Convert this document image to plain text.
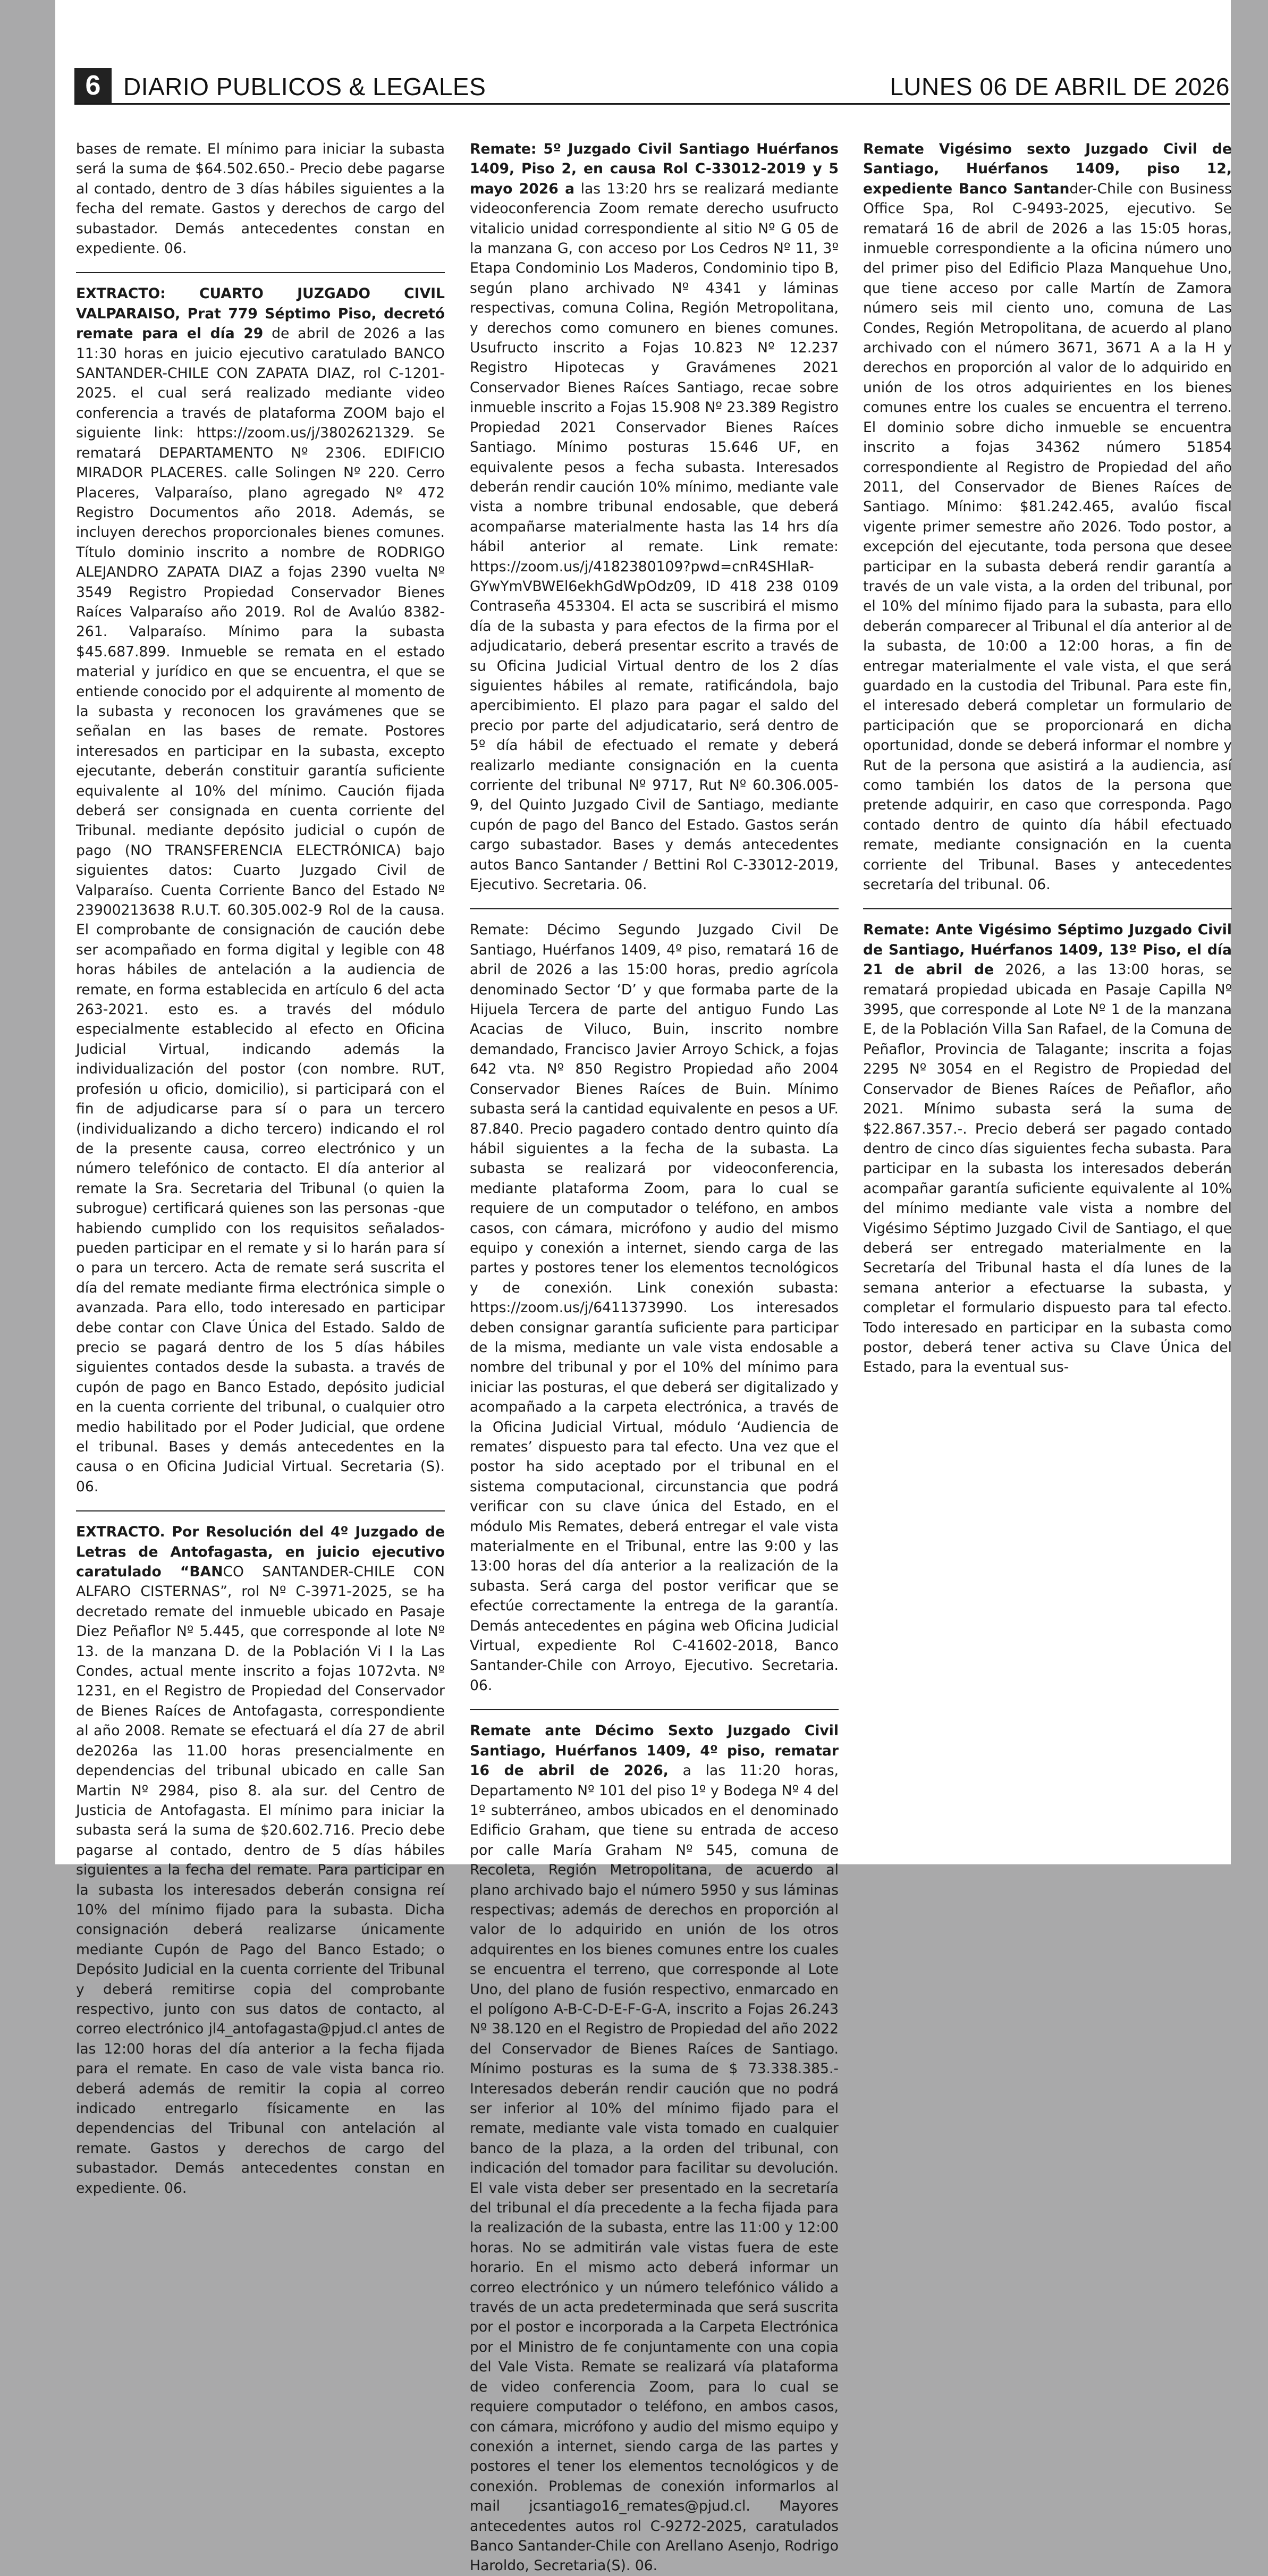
6 DIARIO PUBLICOS & LEGALES	LUNES 06 DE ABRIL DE 2026

bases de remate. El mínimo para iniciar la subasta será la suma de $64.502.650.- Precio debe pagarse al contado, dentro de 3 días hábiles siguientes a la fecha del remate. Gastos y derechos de cargo del subastador. Demás antecedentes constan en expediente. 06.

EXTRACTO: CUARTO JUZGADO CIVIL VALPARAISO, Prat 779 Séptimo Piso, decretó remate para el día 29 de abril de 2026 a las 11:30 horas en juicio ejecutivo caratulado BANCO SANTANDER-CHILE CON ZAPATA DIAZ, rol C-1201-2025. el cual será realizado mediante video conferencia a través de plataforma ZOOM bajo el siguiente link: https://zoom.us/j/3802621329. Se rematará DEPARTAMENTO Nº 2306. EDIFICIO MIRADOR PLACERES. calle Solingen Nº 220. Cerro Placeres, Valparaíso, plano agregado Nº 472 Registro Documentos año 2018. Además, se incluyen derechos proporcionales bienes comunes. Título dominio inscrito a nombre de RODRIGO ALEJANDRO ZAPATA DIAZ a fojas 2390 vuelta Nº 3549 Registro Propiedad Conservador Bienes Raíces Valparaíso año 2019. Rol de Avalúo 8382-261. Valparaíso. Mínimo para la subasta $45.687.899. Inmueble se remata en el estado material y jurídico en que se encuentra, el que se entiende conocido por el adquirente al momento de la subasta y reconocen los gravámenes que se señalan en las bases de remate. Postores interesados en participar en la subasta, excepto ejecutante, deberán constituir garantía suficiente equivalente al 10% del mínimo. Caución fijada deberá ser consignada en cuenta corriente del Tribunal. mediante depósito judicial o cupón de pago (NO TRANSFERENCIA ELECTRÓNICA) bajo siguientes datos: Cuarto Juzgado Civil de Valparaíso. Cuenta Corriente Banco del Estado Nº 23900213638 R.U.T. 60.305.002-9 Rol de la causa. El comprobante de consignación de caución debe ser acompañado en forma digital y legible con 48 horas hábiles de antelación a la audiencia de remate, en forma establecida en artículo 6 del acta 263-2021. esto es. a través del módulo especialmente establecido al efecto en Oficina Judicial Virtual, indicando además la individualización del postor (con nombre. RUT, profesión u oficio, domicilio), si participará con el fin de adjudicarse para sí o para un tercero (individualizando a dicho tercero) indicando el rol de la presente causa, correo electrónico y un número telefónico de contacto. El día anterior al remate la Sra. Secretaria del Tribunal (o quien la subrogue) certificará quienes son las personas -que habiendo cumplido con los requisitos señalados-pueden participar en el remate y si lo harán para sí o para un tercero. Acta de remate será suscrita el día del remate mediante firma electrónica simple o avanzada. Para ello, todo interesado en participar debe contar con Clave Única del Estado. Saldo de precio se pagará dentro de los 5 días hábiles siguientes contados desde la subasta. a través de cupón de pago en Banco Estado, depósito judicial en la cuenta corriente del tribunal, o cualquier otro medio habilitado por el Poder Judicial, que ordene el tribunal. Bases y demás antecedentes en la causa o en Oficina Judicial Virtual. Secretaria (S). 06.

EXTRACTO. Por Resolución del 4º Juzgado de Letras de Antofagasta, en juicio ejecutivo caratulado “BANCO SANTANDER-CHILE CON ALFARO CISTERNAS”, rol Nº C-3971-2025, se ha decretado remate del inmueble ubicado en Pasaje Diez Peñaflor Nº 5.445, que corresponde al lote Nº 13. de la manzana D. de la Población Vi I la Las Condes, actual mente inscrito a fojas 1072vta. Nº 1231, en el Registro de Propiedad del Conservador de Bienes Raíces de Antofagasta, correspondiente al año 2008. Remate se efectuará el día 27 de abril de2026a las 11.00 horas presencialmente en dependencias del tribunal ubicado en calle San Martin Nº 2984, piso 8. ala sur. del Centro de Justicia de Antofagasta. El mínimo para iniciar la subasta será la suma de $20.602.716. Precio debe pagarse al contado, dentro de 5 días hábiles siguientes a la fecha del remate. Para participar en la subasta los interesados deberán consigna reí 10% del mínimo fijado para la subasta. Dicha consignación deberá realizarse únicamente mediante Cupón de Pago del Banco Estado; o Depósito Judicial en la cuenta corriente del Tribunal y deberá remitirse copia del comprobante respectivo, junto con sus datos de contacto, al correo electrónico jl4_antofagasta@pjud.cl antes de las 12:00 horas del día anterior a la fecha fijada para el remate. En caso de vale vista banca rio. deberá además de remitir la copia al correo indicado entregarlo físicamente en las dependencias del Tribunal con antelación al remate. Gastos y derechos de cargo del subastador. Demás antecedentes constan en expediente. 06.

Remate: 5º Juzgado Civil Santiago Huérfanos 1409, Piso 2, en causa Rol C-33012-2019 y 5 mayo 2026 a las 13:20 hrs se realizará mediante videoconferencia Zoom remate derecho usufructo vitalicio unidad correspondiente al sitio Nº G 05 de la manzana G, con acceso por Los Cedros Nº 11, 3º Etapa Condominio Los Maderos, Condominio tipo B, según plano archivado Nº 4341 y láminas respectivas, comuna Colina, Región Metropolitana, y derechos como comunero en bienes comunes. Usufructo inscrito a Fojas 10.823 Nº 12.237 Registro Hipotecas y Gravámenes 2021 Conservador Bienes Raíces Santiago, recae sobre inmueble inscrito a Fojas 15.908 Nº 23.389 Registro Propiedad 2021 Conservador Bienes Raíces Santiago. Mínimo posturas 15.646 UF, en equivalente pesos a fecha subasta. Interesados deberán rendir caución 10% mínimo, mediante vale vista a nombre tribunal endosable, que deberá acompañarse materialmente hasta las 14 hrs día hábil anterior al remate. Link remate: https://zoom.us/j/4182380109?pwd=cnR4SHlaR-GYwYmVBWEl6ekhGdWpOdz09, ID 418 238 0109 Contraseña 453304. El acta se suscribirá el mismo día de la subasta y para efectos de la firma por el adjudicatario, deberá presentar escrito a través de su Oficina Judicial Virtual dentro de los 2 días siguientes hábiles al remate, ratificándola, bajo apercibimiento. El plazo para pagar el saldo del precio por parte del adjudicatario, será dentro de 5º día hábil de efectuado el remate y deberá realizarlo mediante consignación en la cuenta corriente del tribunal Nº 9717, Rut Nº 60.306.005-9, del Quinto Juzgado Civil de Santiago, mediante cupón de pago del Banco del Estado. Gastos serán cargo subastador. Bases y demás antecedentes autos Banco Santander / Bettini Rol C-33012-2019, Ejecutivo. Secretaria. 06.

Remate: Décimo Segundo Juzgado Civil De Santiago, Huérfanos 1409, 4º piso, rematará 16 de abril de 2026 a las 15:00 horas, predio agrícola denominado Sector ‘D’ y que formaba parte de la Hijuela Tercera de parte del antiguo Fundo Las Acacias de Viluco, Buin, inscrito nombre demandado, Francisco Javier Arroyo Schick, a fojas 642 vta. Nº 850 Registro Propiedad año 2004 Conservador Bienes Raíces de Buin. Mínimo subasta será la cantidad equivalente en pesos a UF. 87.840. Precio pagadero contado dentro quinto día hábil siguientes a la fecha de la subasta. La subasta se realizará por videoconferencia, mediante plataforma Zoom, para lo cual se requiere de un computador o teléfono, en ambos casos, con cámara, micrófono y audio del mismo equipo y conexión a internet, siendo carga de las partes y postores tener los elementos tecnológicos y de conexión. Link conexión subasta: https://zoom.us/j/6411373990. Los interesados deben consignar garantía suficiente para participar de la misma, mediante un vale vista endosable a nombre del tribunal y por el 10% del mínimo para iniciar las posturas, el que deberá ser digitalizado y acompañado a la carpeta electrónica, a través de la Oficina Judicial Virtual, módulo ‘Audiencia de remates’ dispuesto para tal efecto. Una vez que el postor ha sido aceptado por el tribunal en el sistema computacional, circunstancia que podrá verificar con su clave única del Estado, en el módulo Mis Remates, deberá entregar el vale vista materialmente en el Tribunal, entre las 9:00 y las 13:00 horas del día anterior a la realización de la subasta. Será carga del postor verificar que se efectúe correctamente la entrega de la garantía. Demás antecedentes en página web Oficina Judicial Virtual, expediente Rol C-41602-2018, Banco Santander-Chile con Arroyo, Ejecutivo. Secretaria. 06.

Remate ante Décimo Sexto Juzgado Civil Santiago, Huérfanos 1409, 4º piso, rematar 16 de abril de 2026, a las 11:20 horas, Departamento Nº 101 del piso 1º y Bodega Nº 4 del 1º subterráneo, ambos ubicados en el denominado Edificio Graham, que tiene su entrada de acceso por calle María Graham Nº 545, comuna de Recoleta, Región Metropolitana, de acuerdo al plano archivado bajo el número 5950 y sus láminas respectivas; además de derechos en proporción al valor de lo adquirido en unión de los otros adquirentes en los bienes comunes entre los cuales se encuentra el terreno, que corresponde al Lote Uno, del plano de fusión respectivo, enmarcado en el polígono A-B-C-D-E-F-G-A, inscrito a Fojas 26.243 Nº 38.120 en el Registro de Propiedad del año 2022 del Conservador de Bienes Raíces de Santiago. Mínimo posturas es la suma de $ 73.338.385.- Interesados deberán rendir caución que no podrá ser inferior al 10% del mínimo fijado para el remate, mediante vale vista tomado en cualquier banco de la plaza, a la orden del tribunal, con indicación del tomador para facilitar su devolución. El vale vista deber ser presentado en la secretaría del tribunal el día precedente a la fecha fijada para la realización de la subasta, entre las 11:00 y 12:00 horas. No se admitirán vale vistas fuera de este horario. En el mismo acto deberá informar un correo electrónico y un número telefónico válido a través de un acta predeterminada que será suscrita por el postor e incorporada a la Carpeta Electrónica por el Ministro de fe conjuntamente con una copia del Vale Vista. Remate se realizará vía plataforma de video conferencia Zoom, para lo cual se requiere computador o teléfono, en ambos casos, con cámara, micrófono y audio del mismo equipo y conexión a internet, siendo carga de las partes y postores el tener los elementos tecnológicos y de conexión. Problemas de conexión informarlos al mail jcsantiago16_remates@pjud.cl. Mayores antecedentes autos rol C-9272-2025, caratulados Banco Santander-Chile con Arellano Asenjo, Rodrigo Haroldo, Secretaria(S). 06.

Remate Vigésimo sexto Juzgado Civil de Santiago, Huérfanos 1409, piso 12, expediente Banco Santander-Chile con Business Office Spa, Rol C-9493-2025, ejecutivo. Se rematará 16 de abril de 2026 a las 15:05 horas, inmueble correspondiente a la oficina número uno del primer piso del Edificio Plaza Manquehue Uno, que tiene acceso por calle Martín de Zamora número seis mil ciento uno, comuna de Las Condes, Región Metropolitana, de acuerdo al plano archivado con el número 3671, 3671 A a la H y derechos en proporción al valor de lo adquirido en unión de los otros adquirientes en los bienes comunes entre los cuales se encuentra el terreno. El dominio sobre dicho inmueble se encuentra inscrito a fojas 34362 número 51854 correspondiente al Registro de Propiedad del año 2011, del Conservador de Bienes Raíces de Santiago. Mínimo: $81.242.465, avalúo fiscal vigente primer semestre año 2026. Todo postor, a excepción del ejecutante, toda persona que desee participar en la subasta deberá rendir garantía a través de un vale vista, a la orden del tribunal, por el 10% del mínimo fijado para la subasta, para ello deberán comparecer al Tribunal el día anterior al de la subasta, de 10:00 a 12:00 horas, a fin de entregar materialmente el vale vista, el que será guardado en la custodia del Tribunal. Para este fin, el interesado deberá completar un formulario de participación que se proporcionará en dicha oportunidad, donde se deberá informar el nombre y Rut de la persona que asistirá a la audiencia, así como también los datos de la persona que pretende adquirir, en caso que corresponda. Pago contado dentro de quinto día hábil efectuado remate, mediante consignación en la cuenta corriente del Tribunal. Bases y antecedentes secretaría del tribunal. 06.

Remate: Ante Vigésimo Séptimo Juzgado Civil de Santiago, Huérfanos 1409, 13º Piso, el día 21 de abril de 2026, a las 13:00 horas, se rematará propiedad ubicada en Pasaje Capilla Nº 3995, que corresponde al Lote Nº 1 de la manzana E, de la Población Villa San Rafael, de la Comuna de Peñaflor, Provincia de Talagante; inscrita a fojas 2295 Nº 3054 en el Registro de Propiedad del Conservador de Bienes Raíces de Peñaflor, año 2021. Mínimo subasta será la suma de $22.867.357.-. Precio deberá ser pagado contado dentro de cinco días siguientes fecha subasta. Para participar en la subasta los interesados deberán acompañar garantía suficiente equivalente al 10% del mínimo mediante vale vista a nombre del Vigésimo Séptimo Juzgado Civil de Santiago, el que deberá ser entregado materialmente en la Secretaría del Tribunal hasta el día lunes de la semana anterior a efectuarse la subasta, y completar el formulario dispuesto para tal efecto. Todo interesado en participar en la subasta como postor, deberá tener activa su Clave Única del Estado, para la eventual sus-
